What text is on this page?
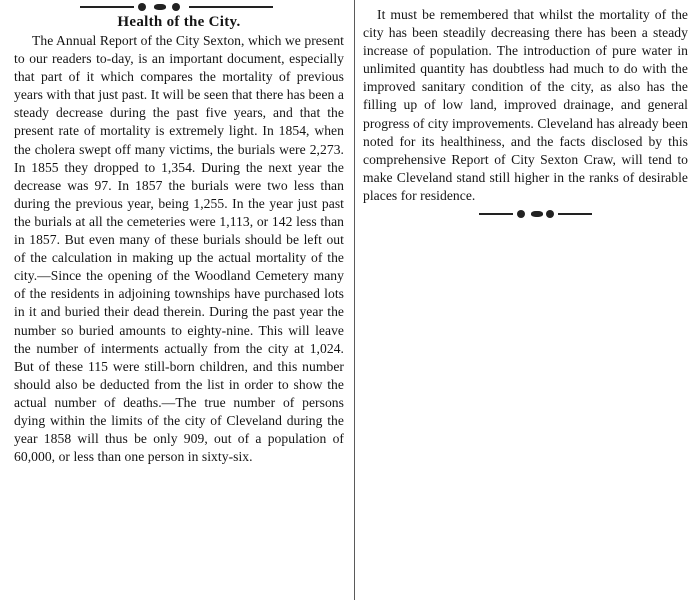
Health of the City.

The Annual Report of the City Sexton, which we present to our readers to-day, is an important document, especially that part of it which compares the mortality of previous years with that just past. It will be seen that there has been a steady decrease during the past five years, and that the present rate of mortality is extremely light. In 1854, when the cholera swept off many victims, the burials were 2,273. In 1855 they dropped to 1,354. During the next year the decrease was 97. In 1857 the burials were two less than during the previous year, being 1,255. In the year just past the burials at all the cemeteries were 1,113, or 142 less than in 1857. But even many of these burials should be left out of the calculation in making up the actual mortality of the city.—Since the opening of the Woodland Cemetery many of the residents in adjoining townships have purchased lots in it and buried their dead therein. During the past year the number so buried amounts to eighty-nine. This will leave the number of interments actually from the city at 1,024. But of these 115 were still-born children, and this number should also be deducted from the list in order to show the actual number of deaths.—The true number of persons dying within the limits of the city of Cleveland during the year 1858 will thus be only 909, out of a population of 60,000, or less than one person in sixty-six.

It must be remembered that whilst the mortality of the city has been steadily decreasing there has been a steady increase of population. The introduction of pure water in unlimited quantity has doubtless had much to do with the improved sanitary condition of the city, as also has the filling up of low land, improved drainage, and general progress of city improvements. Cleveland has already been noted for its healthiness, and the facts disclosed by this comprehensive Report of City Sexton Craw, will tend to make Cleveland stand still higher in the ranks of desirable places for residence.
